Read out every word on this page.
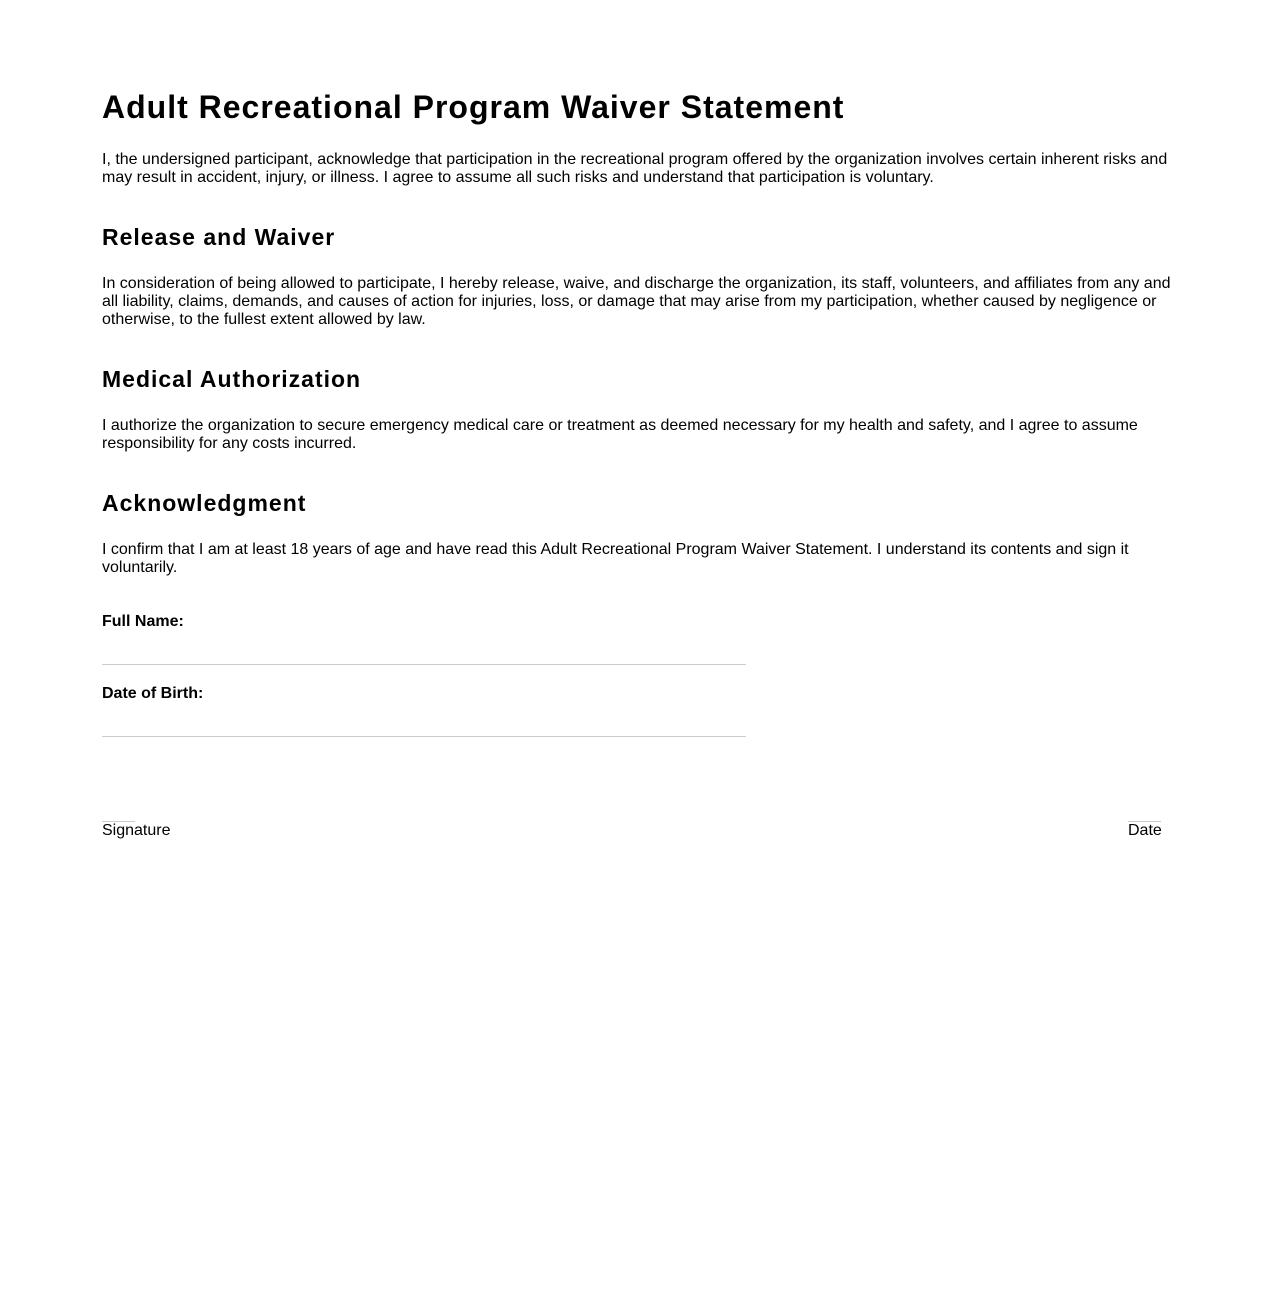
Adult Recreational Program Waiver Statement

I, the undersigned participant, acknowledge that participation in the recreational program offered by the organization involves certain inherent risks and may result in accident, injury, or illness. I agree to assume all such risks and understand that participation is voluntary.

Release and Waiver

In consideration of being allowed to participate, I hereby release, waive, and discharge the organization, its staff, volunteers, and affiliates from any and all liability, claims, demands, and causes of action for injuries, loss, or damage that may arise from my participation, whether caused by negligence or otherwise, to the fullest extent allowed by law.

Medical Authorization

I authorize the organization to secure emergency medical care or treatment as deemed necessary for my health and safety, and I agree to assume responsibility for any costs incurred.

Acknowledgment

I confirm that I am at least 18 years of age and have read this Adult Recreational Program Waiver Statement. I understand its contents and sign it voluntarily.

Full Name:
Date of Birth:
Signature	Date
